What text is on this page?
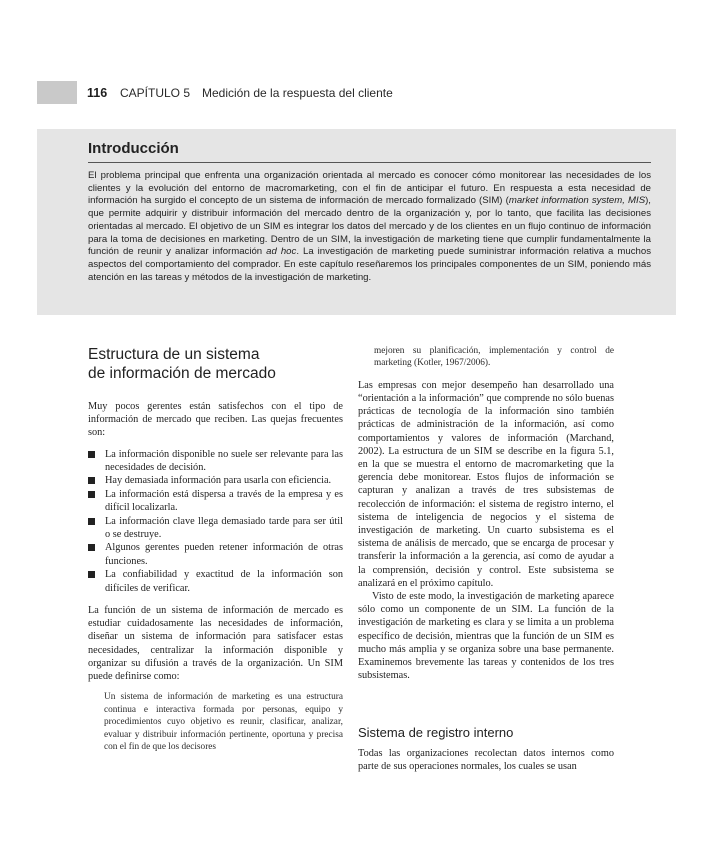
116 CAPÍTULO 5 Medición de la respuesta del cliente
Introducción

El problema principal que enfrenta una organización orientada al mercado es conocer cómo monitorear las necesidades de los clientes y la evolución del entorno de macromarketing, con el fin de anticipar el futuro. En respuesta a esta necesidad de información ha surgido el concepto de un sistema de información de mercado formalizado (SIM) (market information system, MIS), que permite adquirir y distribuir información del mercado dentro de la organización y, por lo tanto, que facilita las decisiones orientadas al mercado. El objetivo de un SIM es integrar los datos del mercado y de los clientes en un flujo continuo de información para la toma de decisiones en marketing. Dentro de un SIM, la investigación de marketing tiene que cumplir fundamentalmente la función de reunir y analizar información ad hoc. La investigación de marketing puede suministrar información relativa a muchos aspectos del comportamiento del comprador. En este capítulo reseñaremos los principales componentes de un SIM, poniendo más atención en las tareas y métodos de la investigación de marketing.

Estructura de un sistema
de información de mercado

Muy pocos gerentes están satisfechos con el tipo de información de mercado que reciben. Las quejas frecuentes son:

La información disponible no suele ser relevante para las necesidades de decisión.
Hay demasiada información para usarla con eficiencia.
La información está dispersa a través de la empresa y es difícil localizarla.
La información clave llega demasiado tarde para ser útil o se destruye.
Algunos gerentes pueden retener información de otras funciones.
La confiabilidad y exactitud de la información son difíciles de verificar.

La función de un sistema de información de mercado es estudiar cuidadosamente las necesidades de información, diseñar un sistema de información para satisfacer estas necesidades, centralizar la información disponible y organizar su difusión a través de la organización. Un SIM puede definirse como:

Un sistema de información de marketing es una estructura continua e interactiva formada por personas, equipo y procedimientos cuyo objetivo es reunir, clasificar, analizar, evaluar y distribuir información pertinente, oportuna y precisa con el fin de que los decisores

mejoren su planificación, implementación y control de marketing (Kotler, 1967/2006).

Las empresas con mejor desempeño han desarrollado una “orientación a la información” que comprende no sólo buenas prácticas de tecnología de la información sino también prácticas de administración de la información, así como comportamientos y valores de información (Marchand, 2002). La estructura de un SIM se describe en la figura 5.1, en la que se muestra el entorno de macromarketing que la gerencia debe monitorear. Estos flujos de información se capturan y analizan a través de tres subsistemas de recolección de información: el sistema de registro interno, el sistema de inteligencia de negocios y el sistema de investigación de marketing. Un cuarto subsistema es el sistema de análisis de mercado, que se encarga de procesar y transferir la información a la gerencia, así como de ayudar a la comprensión, decisión y control. Este subsistema se analizará en el próximo capítulo.

Visto de este modo, la investigación de marketing aparece sólo como un componente de un SIM. La función de la investigación de marketing es clara y se limita a un problema específico de decisión, mientras que la función de un SIM es mucho más amplia y se organiza sobre una base permanente. Examinemos brevemente las tareas y contenidos de los tres subsistemas.

Sistema de registro interno

Todas las organizaciones recolectan datos internos como parte de sus operaciones normales, los cuales se usan
